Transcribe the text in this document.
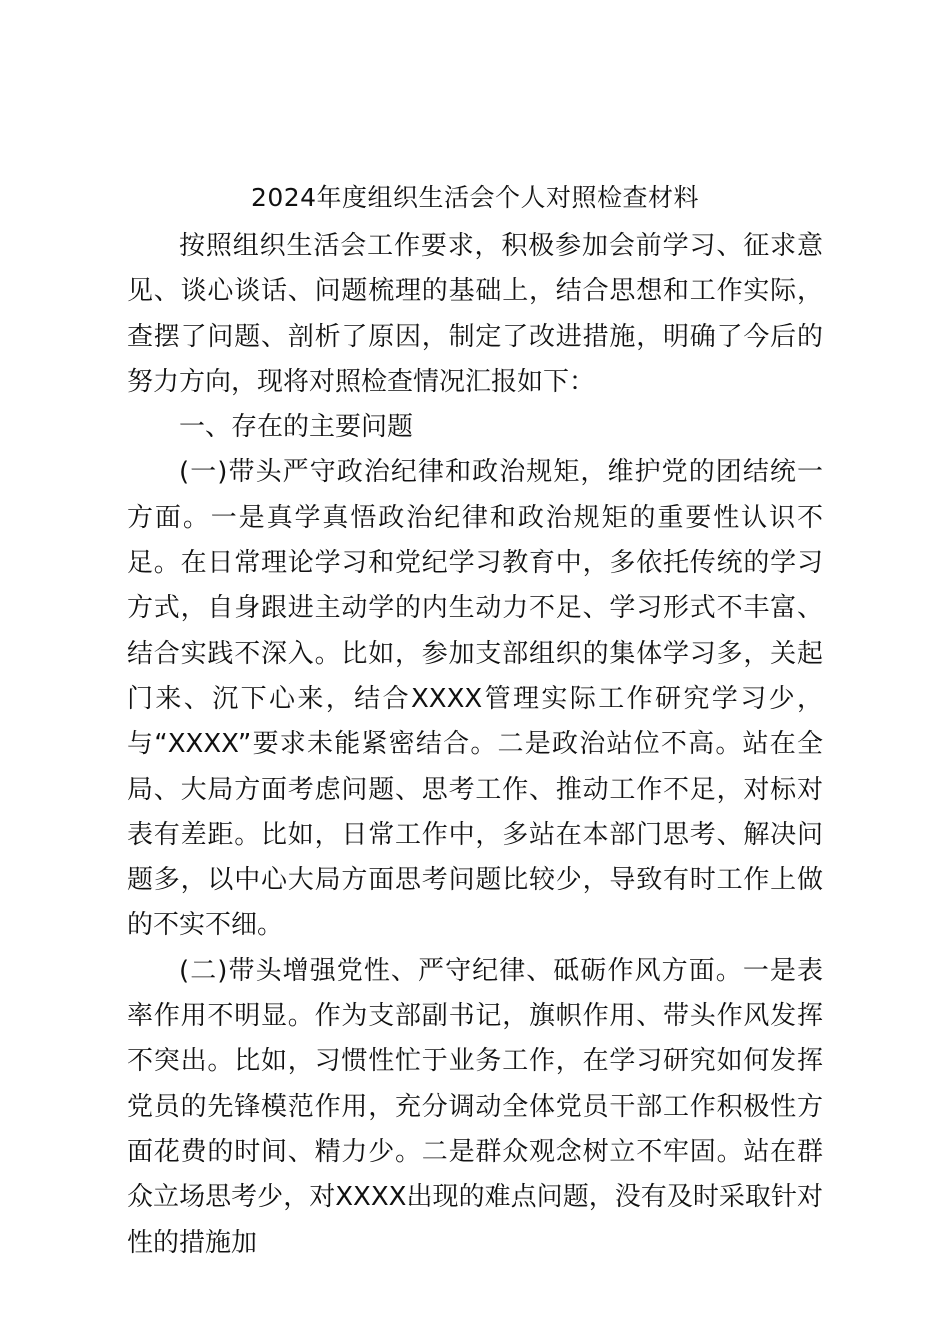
2024年度组织生活会个人对照检查材料

按照组织生活会工作要求，积极参加会前学习、征求意见、谈心谈话、问题梳理的基础上，结合思想和工作实际，查摆了问题、剖析了原因，制定了改进措施，明确了今后的努力方向，现将对照检查情况汇报如下：

一、存在的主要问题

(一)带头严守政治纪律和政治规矩，维护党的团结统一方面。一是真学真悟政治纪律和政治规矩的重要性认识不足。在日常理论学习和党纪学习教育中，多依托传统的学习方式，自身跟进主动学的内生动力不足、学习形式不丰富、结合实践不深入。比如，参加支部组织的集体学习多，关起门来、沉下心来，结合XXXX管理实际工作研究学习少，与“XXXX”要求未能紧密结合。二是政治站位不高。站在全局、大局方面考虑问题、思考工作、推动工作不足，对标对表有差距。比如，日常工作中，多站在本部门思考、解决问题多，以中心大局方面思考问题比较少，导致有时工作上做的不实不细。

(二)带头增强党性、严守纪律、砥砺作风方面。一是表率作用不明显。作为支部副书记，旗帜作用、带头作风发挥不突出。比如，习惯性忙于业务工作，在学习研究如何发挥党员的先锋模范作用，充分调动全体党员干部工作积极性方面花费的时间、精力少。二是群众观念树立不牢固。站在群众立场思考少，对XXXX出现的难点问题，没有及时采取针对性的措施加
